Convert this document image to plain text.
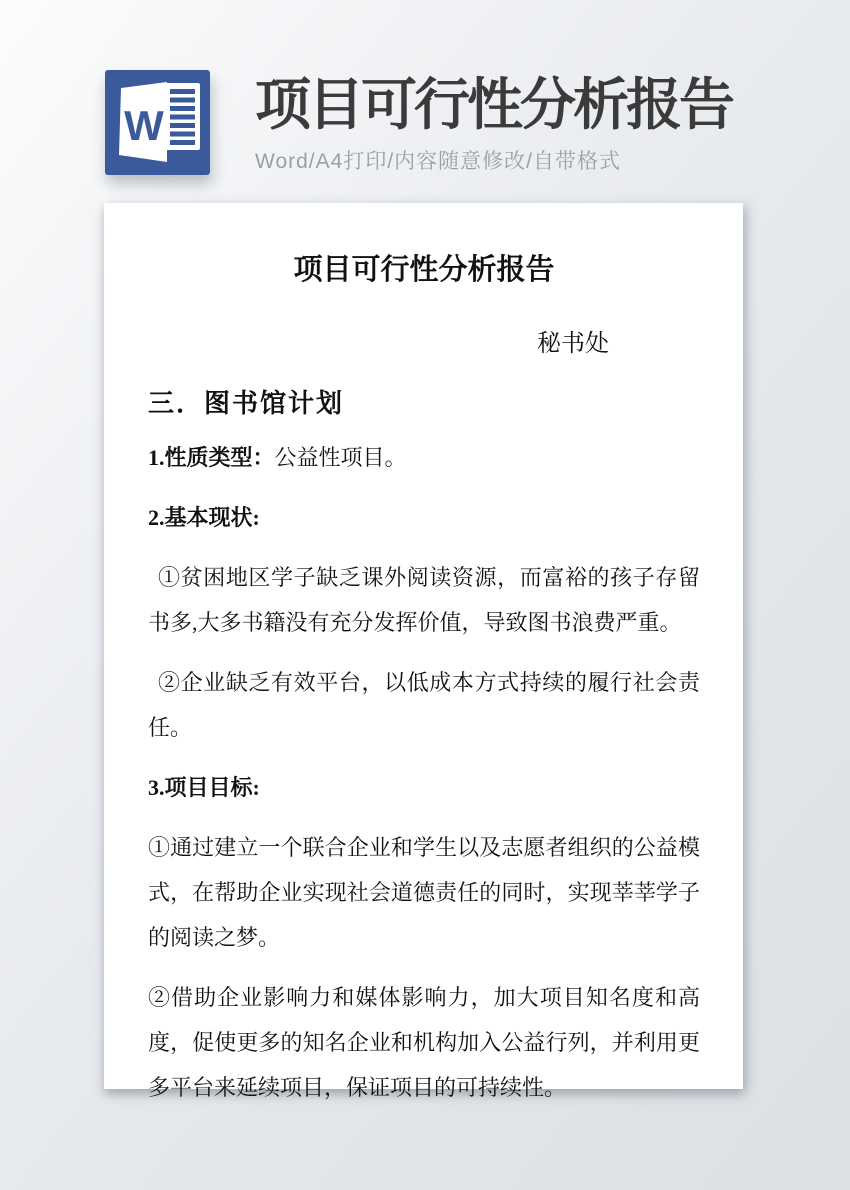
W 项目可行性分析报告
Word/A4打印/内容随意修改/自带格式
项目可行性分析报告
秘书处
三．图书馆计划

1.性质类型：公益性项目。

2.基本现状:

①贫困地区学子缺乏课外阅读资源，而富裕的孩子存留书多,大多书籍没有充分发挥价值，导致图书浪费严重。

②企业缺乏有效平台，以低成本方式持续的履行社会责任。

3.项目目标:

①通过建立一个联合企业和学生以及志愿者组织的公益模式，在帮助企业实现社会道德责任的同时，实现莘莘学子的阅读之梦。

②借助企业影响力和媒体影响力，加大项目知名度和高度，促使更多的知名企业和机构加入公益行列，并利用更多平台来延续项目，保证项目的可持续性。
